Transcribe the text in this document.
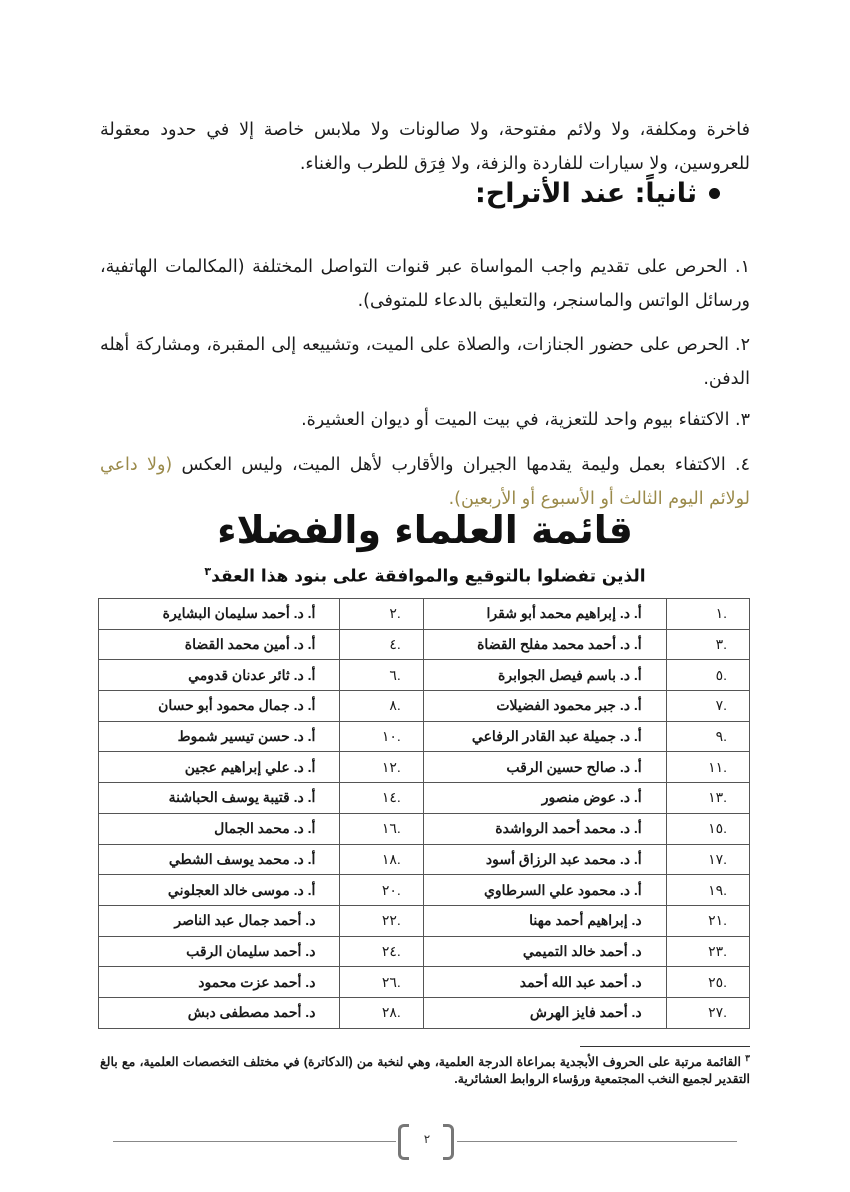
فاخرة ومكلفة، ولا ولائم مفتوحة، ولا صالونات ولا ملابس خاصة إلا في حدود معقولة للعروسين، ولا سيارات للفاردة والزفة، ولا فِرَق للطرب والغناء.

ثانياً: عند الأتراح:

١. الحرص على تقديم واجب المواساة عبر قنوات التواصل المختلفة (المكالمات الهاتفية، ورسائل الواتس والماسنجر، والتعليق بالدعاء للمتوفى).

٢. الحرص على حضور الجنازات، والصلاة على الميت، وتشييعه إلى المقبرة، ومشاركة أهله الدفن.

٣. الاكتفاء بيوم واحد للتعزية، في بيت الميت أو ديوان العشيرة.

٤. الاكتفاء بعمل وليمة يقدمها الجيران والأقارب لأهل الميت، وليس العكس (ولا داعي لولائم اليوم الثالث أو الأسبوع أو الأربعين).

قائمة العلماء والفضلاء
الذين تفضلوا بالتوقيع والموافقة على بنود هذا العقد$^٣$
.١	أ. د. إبراهيم محمد أبو شقرا	.٢	أ. د. أحمد سليمان البشايرة
.٣	أ. د. أحمد محمد مفلح القضاة	.٤	أ. د. أمين محمد القضاة
.٥	أ. د. باسم فيصل الجوابرة	.٦	أ. د. ثائر عدنان قدومي
.٧	أ. د. جبر محمود الفضيلات	.٨	أ. د. جمال محمود أبو حسان
.٩	أ. د. جميلة عبد القادر الرفاعي	.١٠	أ. د. حسن تيسير شموط
.١١	أ. د. صالح حسين الرقب	.١٢	أ. د. علي إبراهيم عجين
.١٣	أ. د. عوض منصور	.١٤	أ. د. قتيبة يوسف الحباشنة
.١٥	أ. د. محمد أحمد الرواشدة	.١٦	أ. د. محمد الجمال
.١٧	أ. د. محمد عبد الرزاق أسود	.١٨	أ. د. محمد يوسف الشطي
.١٩	أ. د. محمود علي السرطاوي	.٢٠	أ. د. موسى خالد العجلوني
.٢١	د. إبراهيم أحمد مهنا	.٢٢	د. أحمد جمال عبد الناصر
.٢٣	د. أحمد خالد التميمي	.٢٤	د. أحمد سليمان الرقب
.٢٥	د. أحمد عبد الله أحمد	.٢٦	د. أحمد عزت محمود
.٢٧	د. أحمد فايز الهرش	.٢٨	د. أحمد مصطفى دبش
$^٣$ القائمة مرتبة على الحروف الأبجدية بمراعاة الدرجة العلمية، وهي لنخبة من (الدكاترة) في مختلف التخصصات العلمية، مع بالغ التقدير لجميع النخب المجتمعية ورؤساء الروابط العشائرية.
٢
